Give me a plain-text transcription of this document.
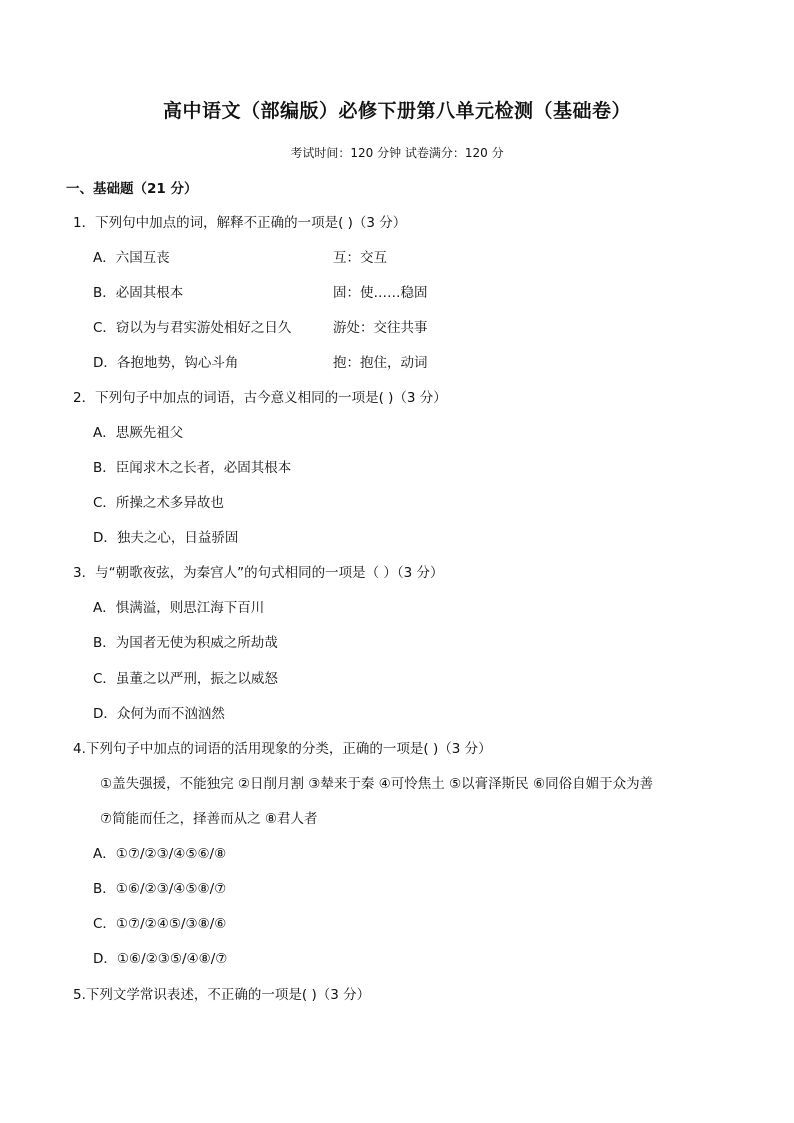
高中语文（部编版）必修下册第八单元检测（基础卷）
考试时间：120 分钟 试卷满分：120 分
一、基础题（21 分）
1．下列句中加点的词，解释不正确的一项是( )（3 分）
A．六国互丧	互：交互
B．必固其根本	固：使……稳固
C．窃以为与君实游处相好之日久	游处：交往共事
D．各抱地势，钩心斗角	抱：抱住，动词
2．下列句子中加点的词语，古今意义相同的一项是( )（3 分）
A．思厥先祖父
B．臣闻求木之长者，必固其根本
C．所操之术多异故也
D．独夫之心，日益骄固
3．与“朝歌夜弦，为秦宫人”的句式相同的一项是（ ）（3 分）
A．惧满溢，则思江海下百川
B．为国者无使为积威之所劫哉
C．虽董之以严刑，振之以威怒
D．众何为而不汹汹然
4.下列句子中加点的词语的活用现象的分类，正确的一项是( )（3 分）
①盖失强援，不能独完 ②日削月割 ③辇来于秦 ④可怜焦土 ⑤以膏泽斯民 ⑥同俗自媚于众为善
⑦简能而任之，择善而从之 ⑧君人者
A．①⑦/②③/④⑤⑥/⑧
B．①⑥/②③/④⑤⑧/⑦
C．①⑦/②④⑤/③⑧/⑥
D．①⑥/②③⑤/④⑧/⑦
5.下列文学常识表述，不正确的一项是( )（3 分）
